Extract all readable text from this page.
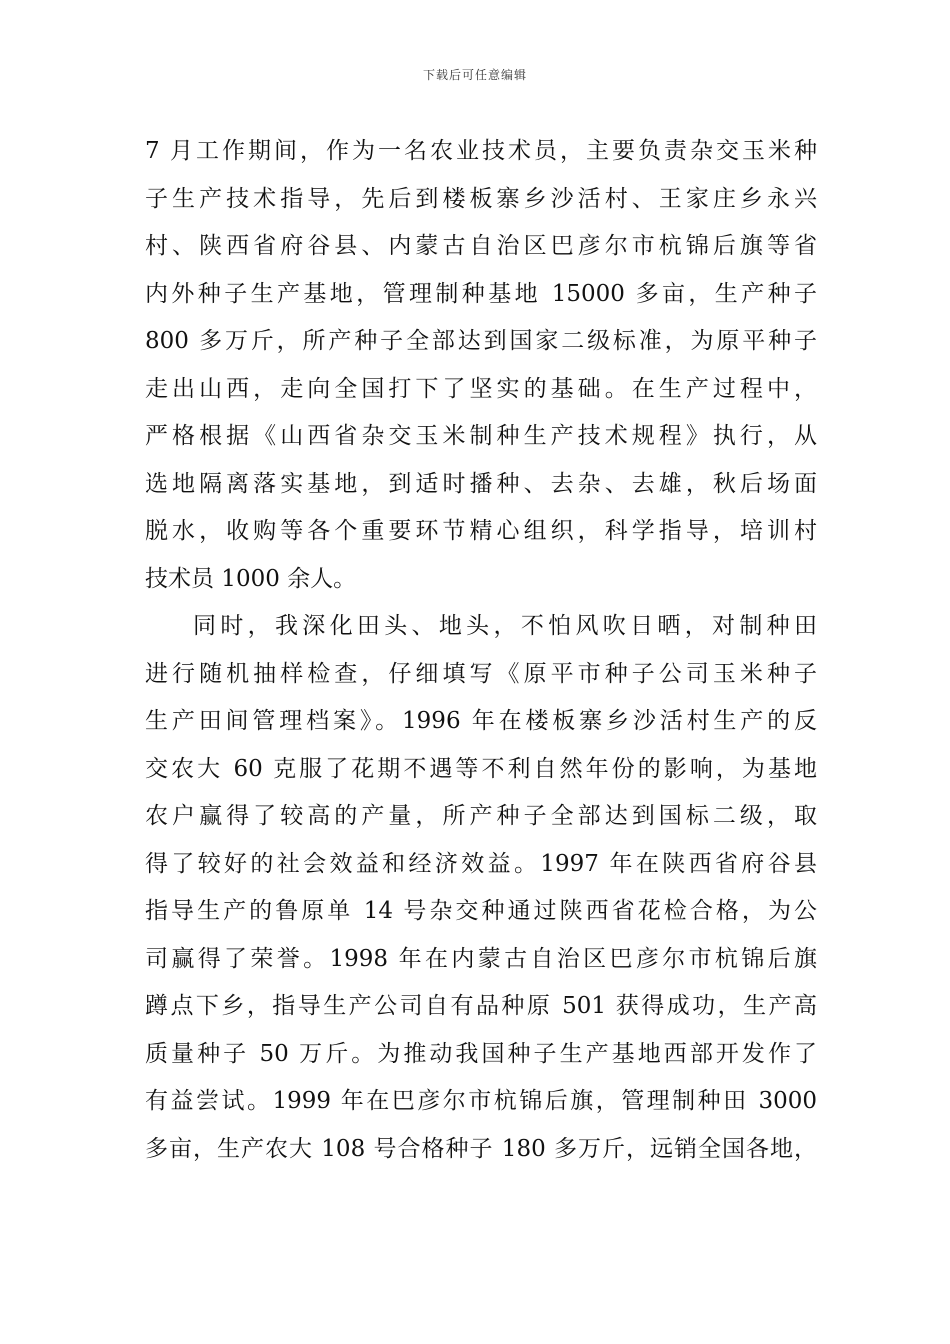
下载后可任意编辑
7 月工作期间，作为一名农业技术员，主要负责杂交玉米种
子生产技术指导，先后到楼板寨乡沙活村、王家庄乡永兴
村、陕西省府谷县、内蒙古自治区巴彦尔市杭锦后旗等省
内外种子生产基地，管理制种基地 15000 多亩，生产种子
800 多万斤，所产种子全部达到国家二级标准，为原平种子
走出山西，走向全国打下了坚实的基础。在生产过程中，
严格根据《山西省杂交玉米制种生产技术规程》执行，从
选地隔离落实基地，到适时播种、去杂、去雄，秋后场面
脱水，收购等各个重要环节精心组织，科学指导，培训村
技术员 1000 余人。
同时，我深化田头、地头，不怕风吹日晒，对制种田
进行随机抽样检查，仔细填写《原平市种子公司玉米种子
生产田间管理档案》。1996 年在楼板寨乡沙活村生产的反
交农大 60 克服了花期不遇等不利自然年份的影响，为基地
农户赢得了较高的产量，所产种子全部达到国标二级，取
得了较好的社会效益和经济效益。1997 年在陕西省府谷县
指导生产的鲁原单 14 号杂交种通过陕西省花检合格，为公
司赢得了荣誉。1998 年在内蒙古自治区巴彦尔市杭锦后旗
蹲点下乡，指导生产公司自有品种原 501 获得成功，生产高
质量种子 50 万斤。为推动我国种子生产基地西部开发作了
有益尝试。1999 年在巴彦尔市杭锦后旗，管理制种田 3000
多亩，生产农大 108 号合格种子 180 多万斤，远销全国各地，
